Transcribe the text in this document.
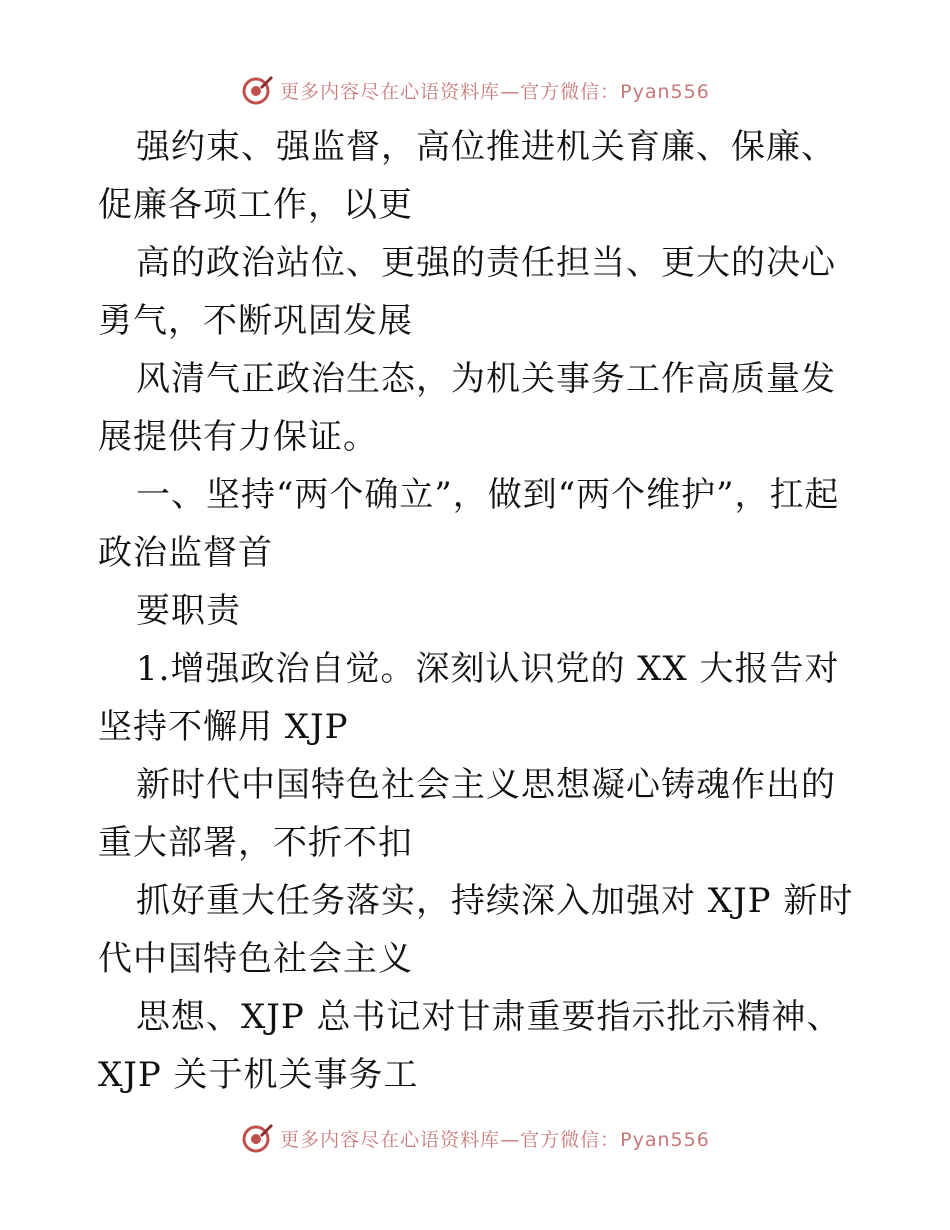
更多内容尽在心语资料库—官方微信：Pyan556

强约束、强监督，高位推进机关育廉、保廉、促廉各项工作，以更

高的政治站位、更强的责任担当、更大的决心勇气，不断巩固发展

风清气正政治生态，为机关事务工作高质量发展提供有力保证。

一、坚持“两个确立”，做到“两个维护”，扛起政治监督首

要职责

1.增强政治自觉。深刻认识党的 XX 大报告对坚持不懈用 XJP

新时代中国特色社会主义思想凝心铸魂作出的重大部署，不折不扣

抓好重大任务落实，持续深入加强对 XJP 新时代中国特色社会主义

思想、XJP 总书记对甘肃重要指示批示精神、XJP 关于机关事务工

更多内容尽在心语资料库—官方微信：Pyan556
